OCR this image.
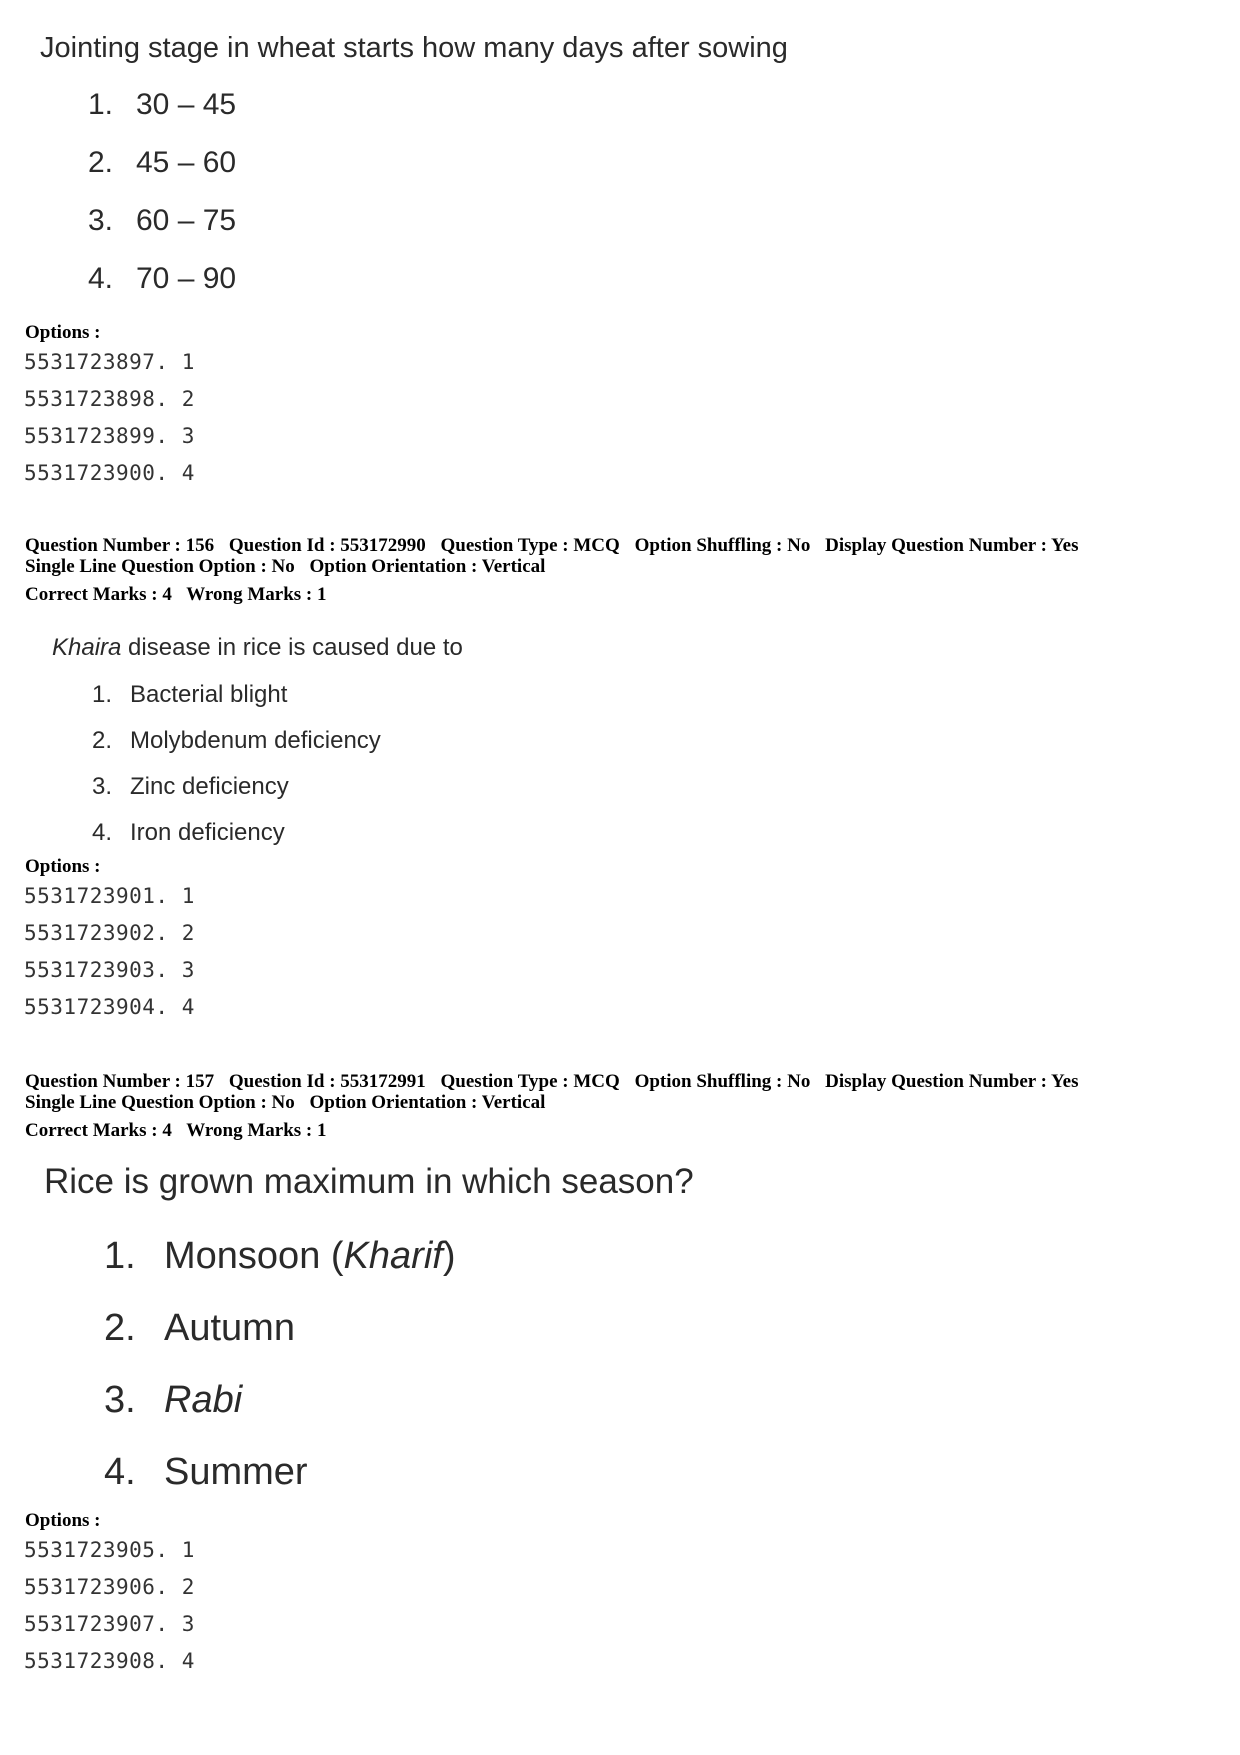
Jointing stage in wheat starts how many days after sowing

1. 30 – 45
2. 45 – 60
3. 60 – 75
4. 70 – 90
Options :
5531723897. 1
5531723898. 2
5531723899. 3
5531723900. 4
Question Number : 156 Question Id : 553172990 Question Type : MCQ Option Shuffling : No Display Question Number : Yes
Single Line Question Option : No Option Orientation : Vertical
Correct Marks : 4 Wrong Marks : 1

Khaira disease in rice is caused due to

1. Bacterial blight
2. Molybdenum deficiency
3. Zinc deficiency
4. Iron deficiency
Options :
5531723901. 1
5531723902. 2
5531723903. 3
5531723904. 4
Question Number : 157 Question Id : 553172991 Question Type : MCQ Option Shuffling : No Display Question Number : Yes
Single Line Question Option : No Option Orientation : Vertical
Correct Marks : 4 Wrong Marks : 1

Rice is grown maximum in which season?

1. Monsoon ( Kharif )
2. Autumn
3. Rabi
4. Summer
Options :
5531723905. 1
5531723906. 2
5531723907. 3
5531723908. 4
